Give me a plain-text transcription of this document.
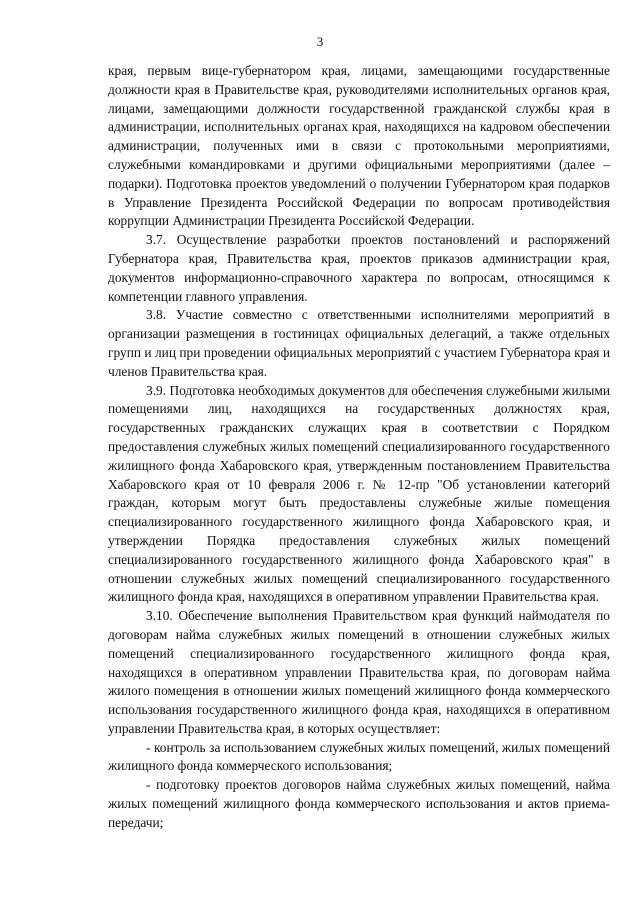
3

края, первым вице-губернатором края, лицами, замещающими государственные должности края в Правительстве края, руководителями исполнительных органов края, лицами, замещающими должности государственной гражданской службы края в администрации, исполнительных органах края, находящихся на кадровом обеспечении администрации, полученных ими в связи с протокольными мероприятиями, служебными командировками и другими официальными мероприятиями (далее – подарки). Подготовка проектов уведомлений о получении Губернатором края подарков в Управление Президента Российской Федерации по вопросам противодействия коррупции Администрации Президента Российской Федерации.

3.7. Осуществление разработки проектов постановлений и распоряжений Губернатора края, Правительства края, проектов приказов администрации края, документов информационно-справочного характера по вопросам, относящимся к компетенции главного управления.

3.8. Участие совместно с ответственными исполнителями мероприятий в организации размещения в гостиницах официальных делегаций, а также отдельных групп и лиц при проведении официальных мероприятий с участием Губернатора края и членов Правительства края.

3.9. Подготовка необходимых документов для обеспечения служебными жилыми помещениями лиц, находящихся на государственных должностях края, государственных гражданских служащих края в соответствии с Порядком предоставления служебных жилых помещений специализированного государственного жилищного фонда Хабаровского края, утвержденным постановлением Правительства Хабаровского края от 10 февраля 2006 г. № 12-пр "Об установлении категорий граждан, которым могут быть предоставлены служебные жилые помещения специализированного государственного жилищного фонда Хабаровского края, и утверждении Порядка предоставления служебных жилых помещений специализированного государственного жилищного фонда Хабаровского края" в отношении служебных жилых помещений специализированного государственного жилищного фонда края, находящихся в оперативном управлении Правительства края.

3.10. Обеспечение выполнения Правительством края функций наймодателя по договорам найма служебных жилых помещений в отношении служебных жилых помещений специализированного государственного жилищного фонда края, находящихся в оперативном управлении Правительства края, по договорам найма жилого помещения в отношении жилых помещений жилищного фонда коммерческого использования государственного жилищного фонда края, находящихся в оперативном управлении Правительства края, в которых осуществляет:

- контроль за использованием служебных жилых помещений, жилых помещений жилищного фонда коммерческого использования;

- подготовку проектов договоров найма служебных жилых помещений, найма жилых помещений жилищного фонда коммерческого использования и актов приема-передачи;
